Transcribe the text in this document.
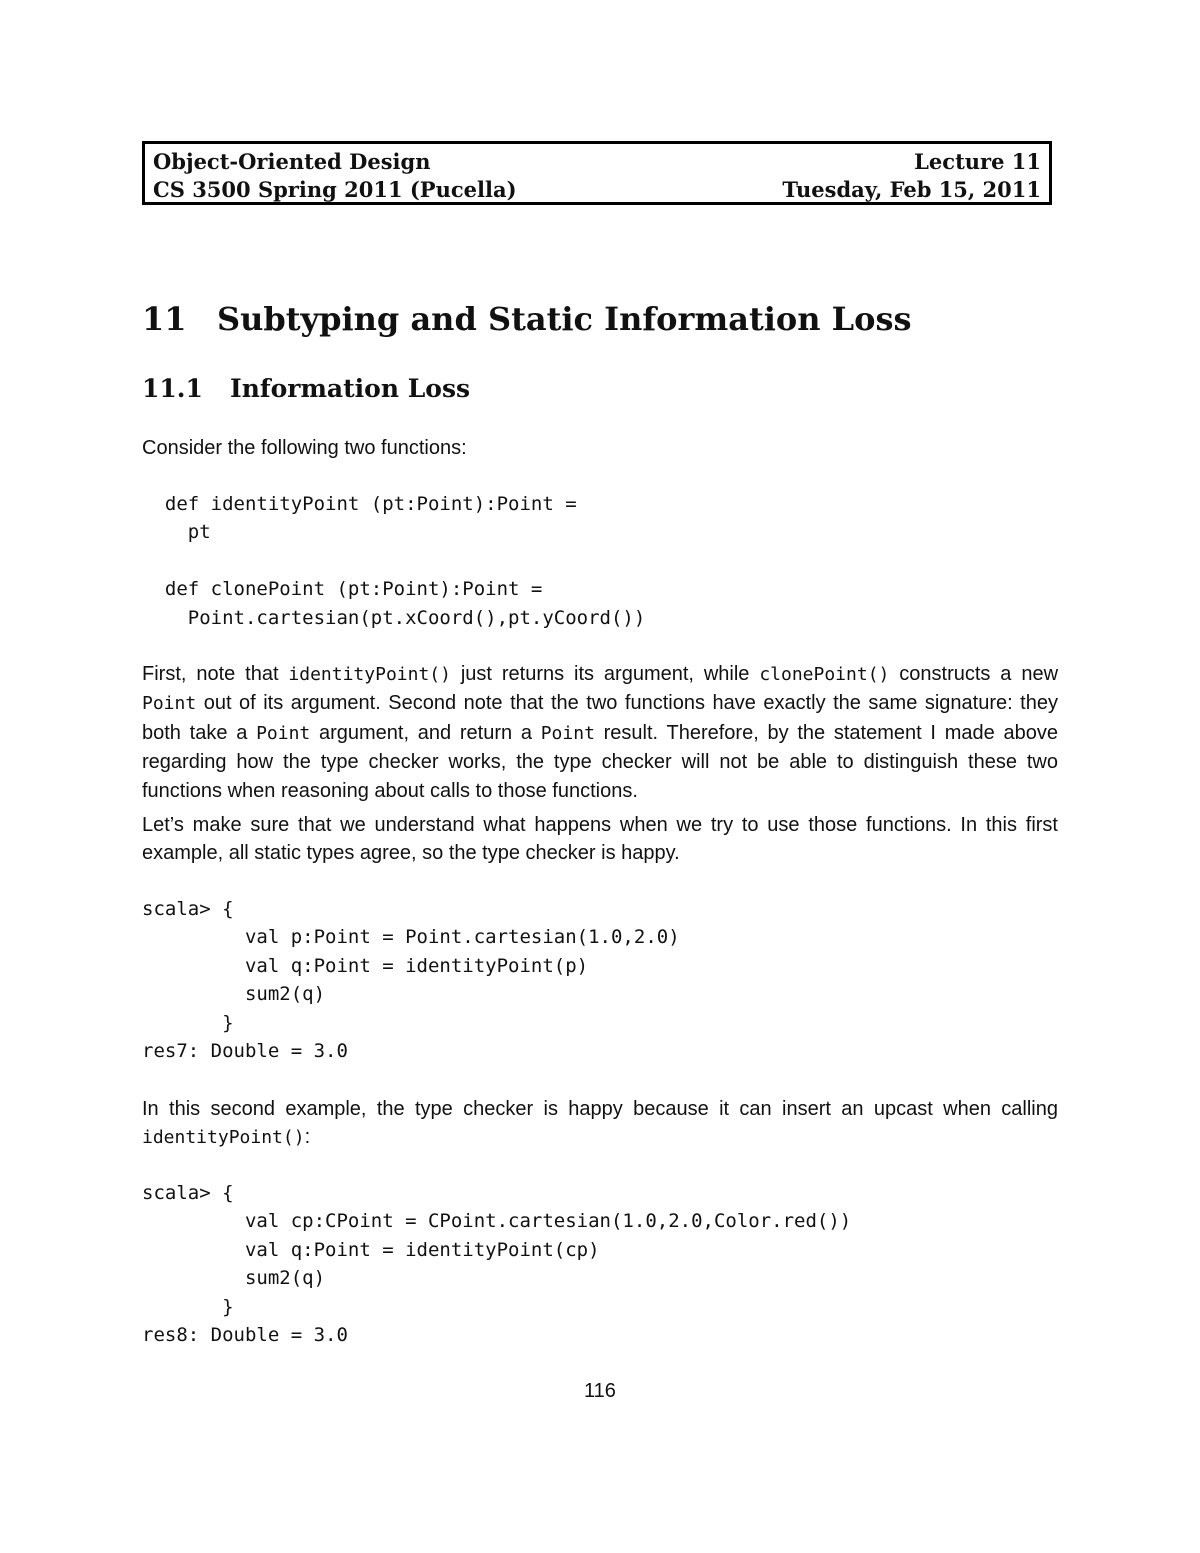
Object-Oriented Design	Lecture 11
CS 3500 Spring 2011 (Pucella)	Tuesday, Feb 15, 2011
11 Subtyping and Static Information Loss
11.1 Information Loss

Consider the following two functions:

def identityPoint (pt:Point):Point =
pt

def clonePoint (pt:Point):Point =
Point.cartesian(pt.xCoord(),pt.yCoord())

First, note that identityPoint() just returns its argument, while clonePoint() constructs a new Point out of its argument. Second note that the two functions have exactly the same signature: they both take a Point argument, and return a Point result. Therefore, by the statement I made above regarding how the type checker works, the type checker will not be able to distinguish these two functions when reasoning about calls to those functions.

Let’s make sure that we understand what happens when we try to use those functions. In this first example, all static types agree, so the type checker is happy.

scala> {
val p:Point = Point.cartesian(1.0,2.0)
val q:Point = identityPoint(p)
sum2(q)
}
res7: Double = 3.0

In this second example, the type checker is happy because it can insert an upcast when calling identityPoint():

scala> {
val cp:CPoint = CPoint.cartesian(1.0,2.0,Color.red())
val q:Point = identityPoint(cp)
sum2(q)
}
res8: Double = 3.0
116
